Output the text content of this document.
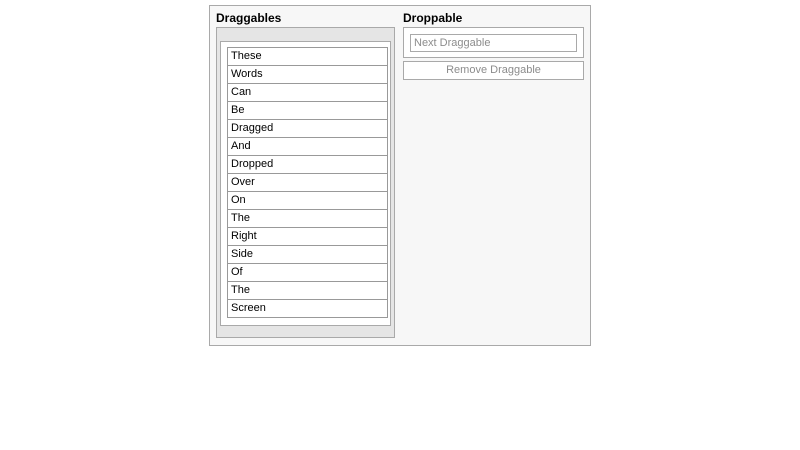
Draggables	Droppable
These
Words
Can
Be
Dragged
And
Dropped
Over
On
The
Right
Side
Of
The
Screen
Next Draggable
Remove Draggable
